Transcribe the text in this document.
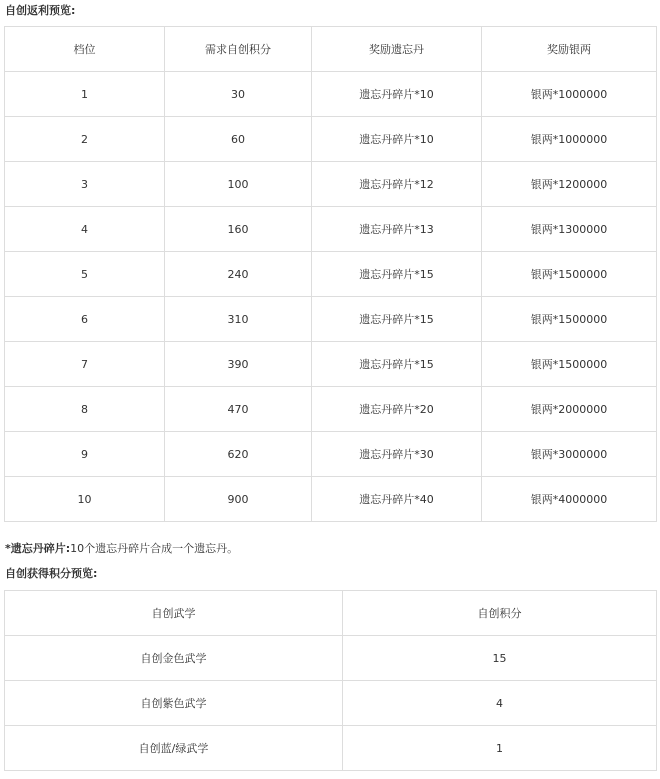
自创返利预览:

档位	需求自创积分	奖励遗忘丹	奖励银两
1	30	遗忘丹碎片*10	银两*1000000
2	60	遗忘丹碎片*10	银两*1000000
3	100	遗忘丹碎片*12	银两*1200000
4	160	遗忘丹碎片*13	银两*1300000
5	240	遗忘丹碎片*15	银两*1500000
6	310	遗忘丹碎片*15	银两*1500000
7	390	遗忘丹碎片*15	银两*1500000
8	470	遗忘丹碎片*20	银两*2000000
9	620	遗忘丹碎片*30	银两*3000000
10	900	遗忘丹碎片*40	银两*4000000

*遗忘丹碎片:10个遗忘丹碎片合成一个遗忘丹。

自创获得积分预览:

自创武学	自创积分
自创金色武学	15
自创紫色武学	4
自创蓝/绿武学	1
